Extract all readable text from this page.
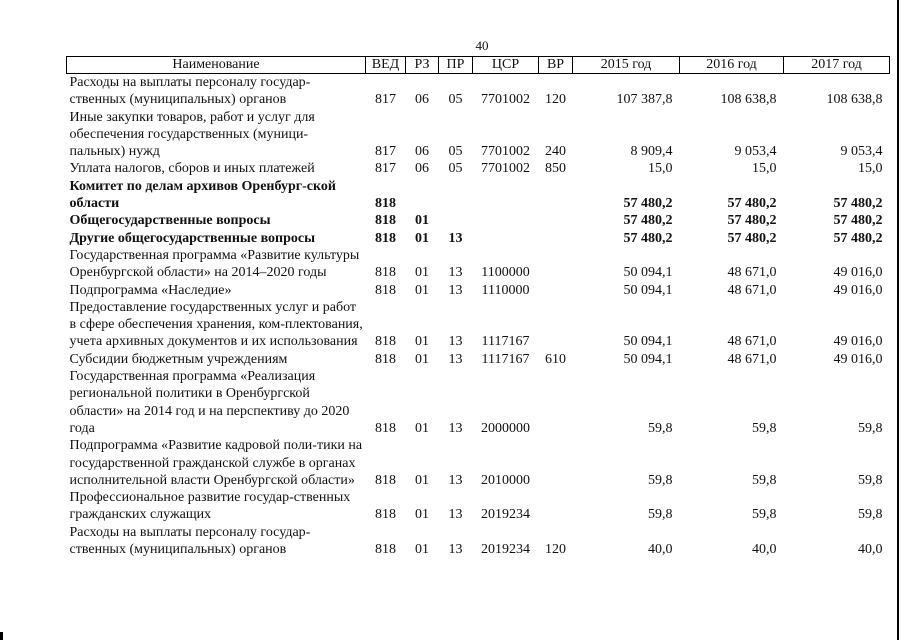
40
Наименование	ВЕД	РЗ	ПР	ЦСР	ВР	2015 год	2016 год	2017 год
Расходы на выплаты персоналу государ-ственных (муниципальных) органов	817	06	05	7701002	120	107 387,8	108 638,8	108 638,8
Иные закупки товаров, работ и услуг для обеспечения государственных (муници-пальных) нужд	817	06	05	7701002	240	8 909,4	9 053,4	9 053,4
Уплата налогов, сборов и иных платежей	817	06	05	7701002	850	15,0	15,0	15,0
Комитет по делам архивов Оренбург-ской области	818					57 480,2	57 480,2	57 480,2
Общегосударственные вопросы	818	01				57 480,2	57 480,2	57 480,2
Другие общегосударственные вопросы	818	01	13			57 480,2	57 480,2	57 480,2
Государственная программа «Развитие культуры Оренбургской области» на 2014–2020 годы	818	01	13	1100000		50 094,1	48 671,0	49 016,0
Подпрограмма «Наследие»	818	01	13	1110000		50 094,1	48 671,0	49 016,0
Предоставление государственных услуг и работ в сфере обеспечения хранения, ком-плектования, учета архивных документов и их использования	818	01	13	1117167		50 094,1	48 671,0	49 016,0
Субсидии бюджетным учреждениям	818	01	13	1117167	610	50 094,1	48 671,0	49 016,0
Государственная программа «Реализация региональной политики в Оренбургской области» на 2014 год и на перспективу до 2020 года	818	01	13	2000000		59,8	59,8	59,8
Подпрограмма «Развитие кадровой поли-тики на государственной гражданской службе в органах исполнительной власти Оренбургской области»	818	01	13	2010000		59,8	59,8	59,8
Профессиональное развитие государ-ственных гражданских служащих	818	01	13	2019234		59,8	59,8	59,8
Расходы на выплаты персоналу государ-ственных (муниципальных) органов	818	01	13	2019234	120	40,0	40,0	40,0
